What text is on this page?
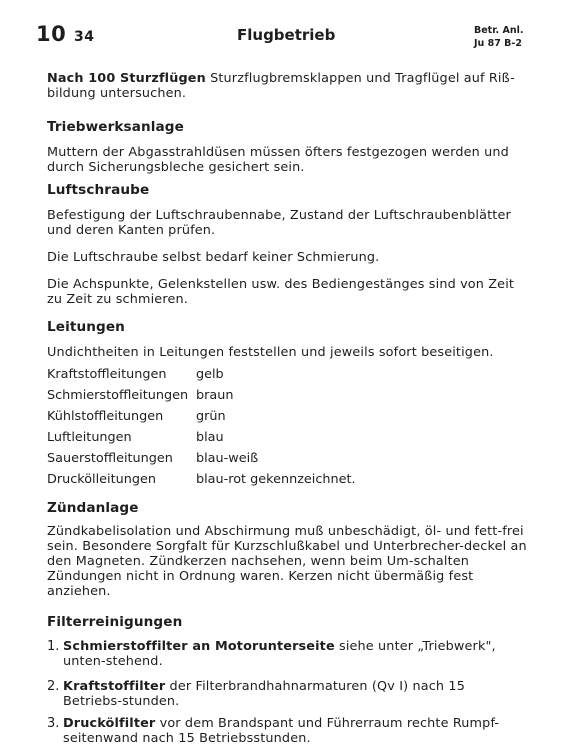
10 34	Flugbetrieb	Betr. Anl.
Ju 87 B-2
Nach 100 Sturzflügen Sturzflugbremsklappen und Tragflügel auf Riß-bildung untersuchen.
Triebwerksanlage
Muttern der Abgasstrahldüsen müssen öfters festgezogen werden und durch Sicherungsbleche gesichert sein.
Luftschraube
Befestigung der Luftschraubennabe, Zustand der Luftschraubenblätter und deren Kanten prüfen.
Die Luftschraube selbst bedarf keiner Schmierung.
Die Achspunkte, Gelenkstellen usw. des Bediengestänges sind von Zeit zu Zeit zu schmieren.
Leitungen
Undichtheiten in Leitungen feststellen und jeweils sofort beseitigen.
Kraftstoffleitungen gelb
Schmierstoffleitungen braun
Kühlstoffleitungen	grün
Luftleitungen	blau
Sauerstoffleitungen blau-weiß
Druckölleitungen	blau-rot gekennzeichnet.
Zündanlage
Zündkabelisolation und Abschirmung muß unbeschädigt, öl- und fett-frei sein. Besondere Sorgfalt für Kurzschlußkabel und Unterbrecher-deckel an den Magneten. Zündkerzen nachsehen, wenn beim Um-schalten Zündungen nicht in Ordnung waren. Kerzen nicht übermäßig fest anziehen.
Filterreinigungen
1. Schmierstoffilter an Motorunterseite siehe unter „Triebwerk", unten-stehend.
2. Kraftstoffilter der Filterbrandhahnarmaturen (Qv I) nach 15 Betriebs-stunden.
3. Druckölfilter vor dem Brandspant und Führerraum rechte Rumpf-seitenwand nach 15 Betriebsstunden.
